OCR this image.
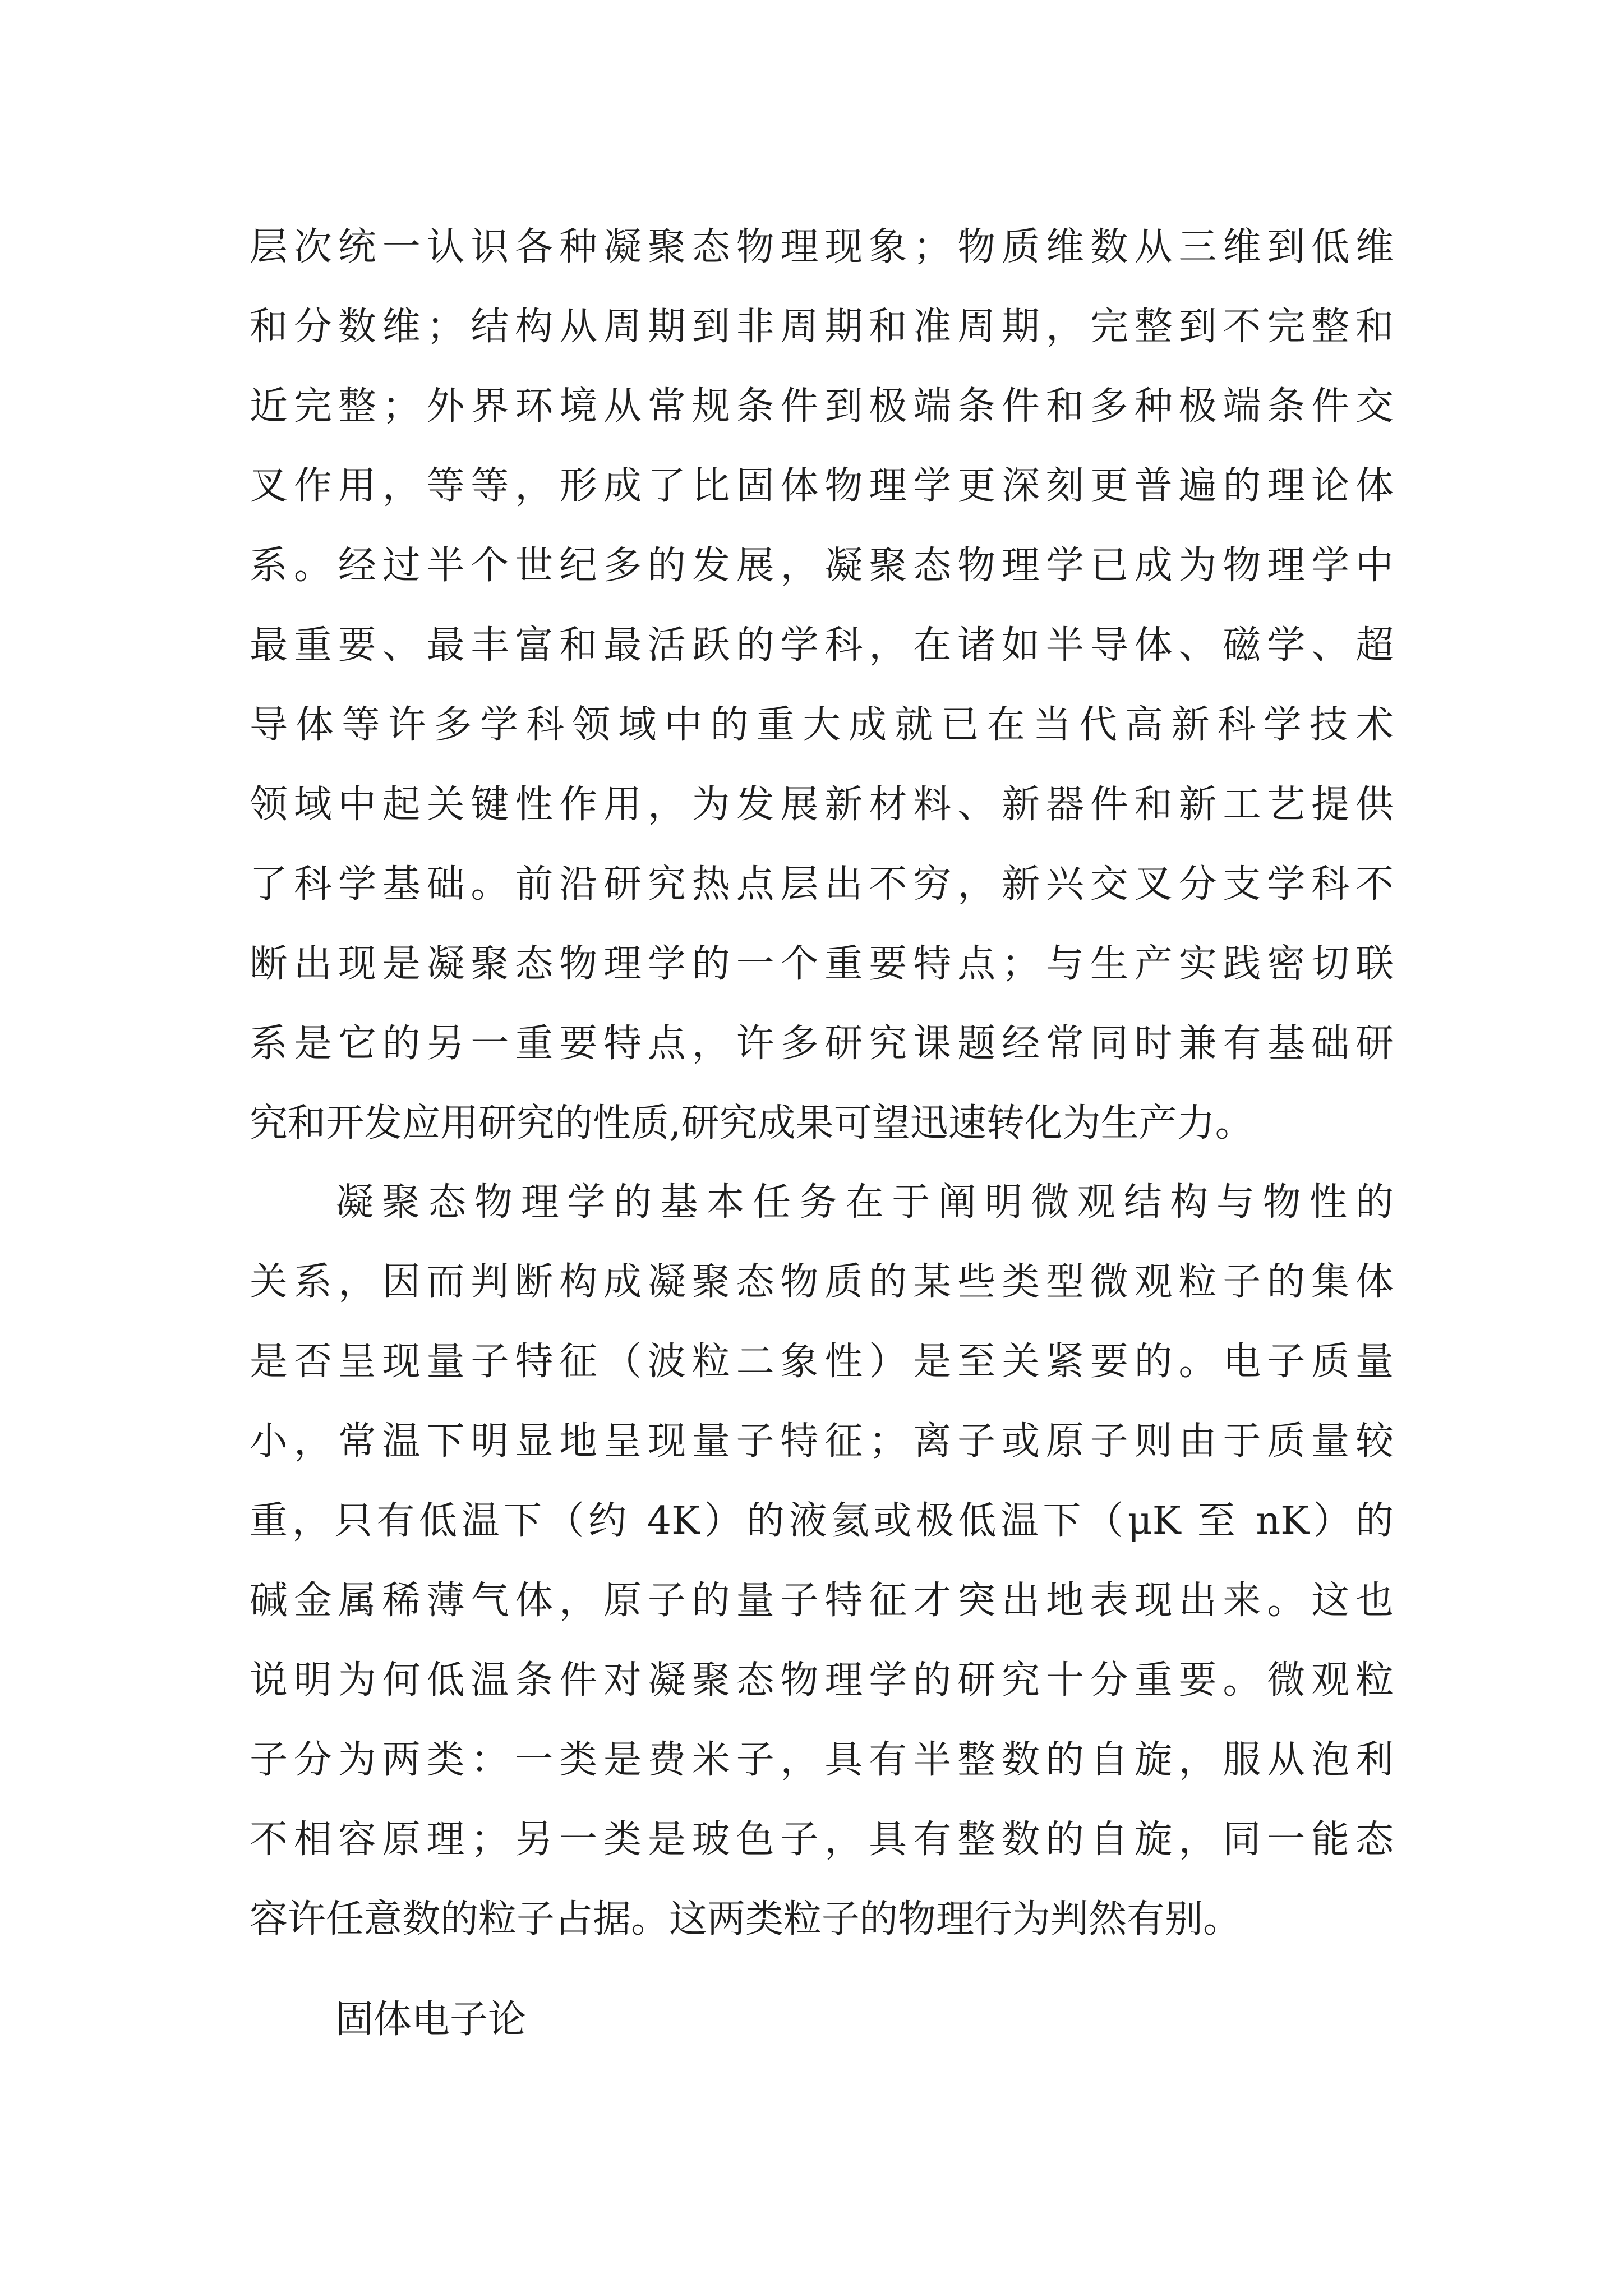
层次统一认识各种凝聚态物理现象；物质维数从三维到低维
和分数维；结构从周期到非周期和准周期，完整到不完整和
近完整；外界环境从常规条件到极端条件和多种极端条件交
叉作用，等等，形成了比固体物理学更深刻更普遍的理论体
系。经过半个世纪多的发展，凝聚态物理学已成为物理学中
最重要、最丰富和最活跃的学科，在诸如半导体、磁学、超
导体等许多学科领域中的重大成就已在当代高新科学技术
领域中起关键性作用，为发展新材料、新器件和新工艺提供
了科学基础。前沿研究热点层出不穷，新兴交叉分支学科不
断出现是凝聚态物理学的一个重要特点；与生产实践密切联
系是它的另一重要特点，许多研究课题经常同时兼有基础研
究和开发应用研究的性质,研究成果可望迅速转化为生产力。
凝聚态物理学的基本任务在于阐明微观结构与物性的
关系，因而判断构成凝聚态物质的某些类型微观粒子的集体
是否呈现量子特征（波粒二象性）是至关紧要的。电子质量
小，常温下明显地呈现量子特征；离子或原子则由于质量较
重，只有低温下（约 4K）的液氦或极低温下（μK 至 nK）的
碱金属稀薄气体，原子的量子特征才突出地表现出来。这也
说明为何低温条件对凝聚态物理学的研究十分重要。微观粒
子分为两类：一类是费米子，具有半整数的自旋，服从泡利
不相容原理；另一类是玻色子，具有整数的自旋，同一能态
容许任意数的粒子占据。这两类粒子的物理行为判然有别。
固体电子论
